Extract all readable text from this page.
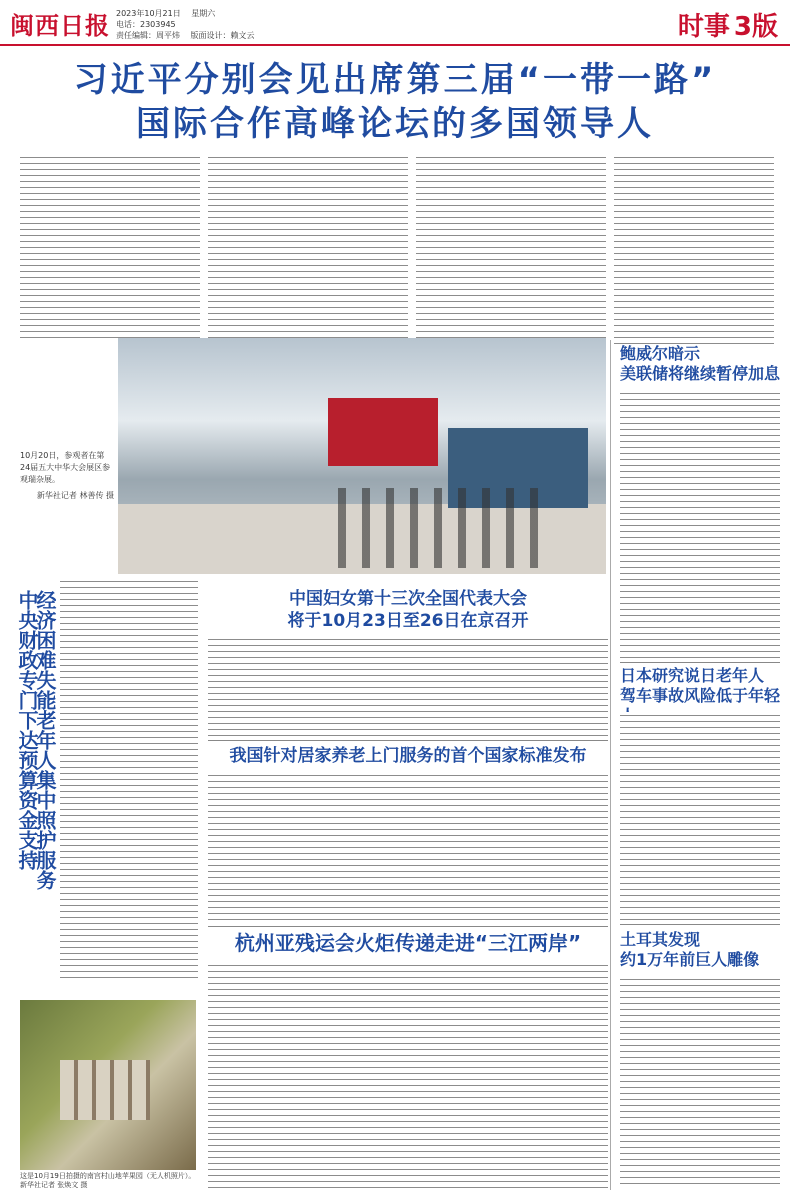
闽西日报 2023年10月21日 星期六
电话：2303945
责任编辑：周平炜 版面设计：赖文云	时事 3版
习近平分别会见出席第三届“一带一路”
国际合作高峰论坛的多国领导人
10月20日，参观者在第24届五大中华大会展区参观瑞杂展。
新华社记者 林善传 摄
经济困难失能老年人集中照护服务
中央财政专门下达预算资金支持	中国妇女第十三次全国代表大会
将于10月23日至26日在京召开
我国针对居家养老上门服务的首个国家标准发布
杭州亚残运会火炬传递走进“三江两岸”
这是10月19日拍摄的南宫村山地苹果园（无人机照片）。 新华社记者 张焕文 摄
鲍威尔暗示
美联储将继续暂停加息
日本研究说日老年人
驾车事故风险低于年轻
土耳其发现
约1万年前巨人雕像
